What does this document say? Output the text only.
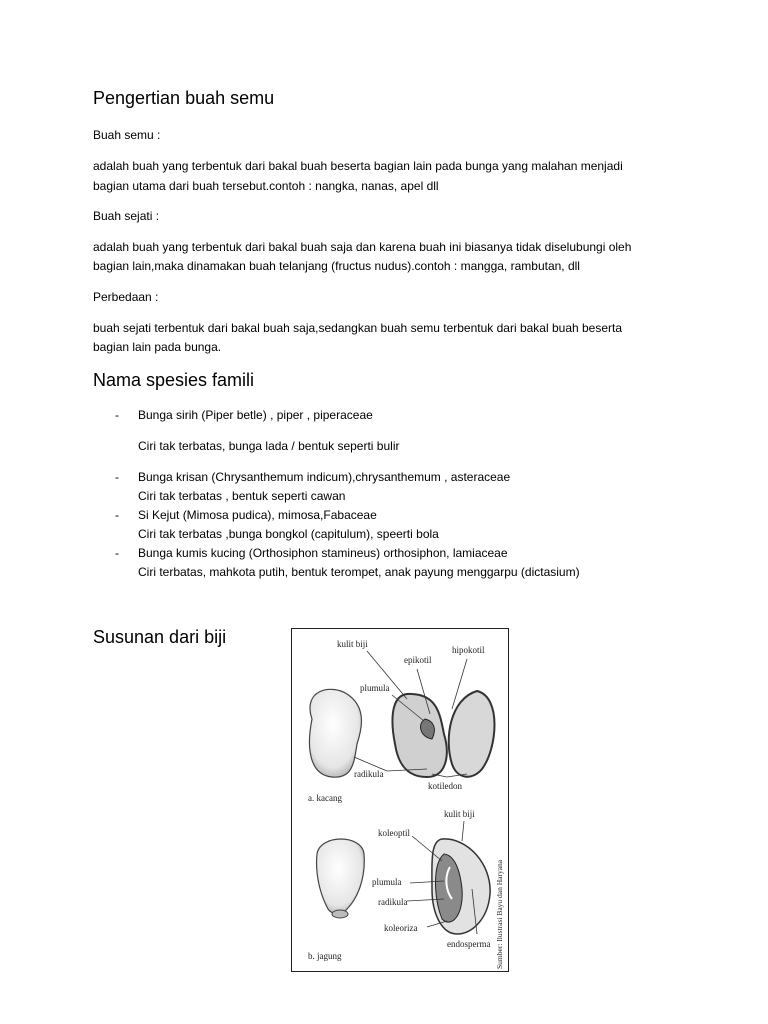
Pengertian buah semu
Buah semu :
adalah buah yang terbentuk dari bakal buah beserta bagian lain pada bunga yang malahan menjadi
bagian utama dari buah tersebut.contoh : nangka, nanas, apel dll
Buah sejati :
adalah buah yang terbentuk dari bakal buah saja dan karena buah ini biasanya tidak diselubungi oleh
bagian lain,maka dinamakan buah telanjang (fructus nudus).contoh : mangga, rambutan, dll
Perbedaan :
buah sejati terbentuk dari bakal buah saja,sedangkan buah semu terbentuk dari bakal buah beserta
bagian lain pada bunga.
Nama spesies famili
- Bunga sirih (Piper betle) , piper , piperaceae
Ciri tak terbatas, bunga lada / bentuk seperti bulir
- Bunga krisan (Chrysanthemum indicum),chrysanthemum , asteraceae
Ciri tak terbatas , bentuk seperti cawan
- Si Kejut (Mimosa pudica), mimosa,Fabaceae
Ciri tak terbatas ,bunga bongkol (capitulum), speerti bola
- Bunga kumis kucing (Orthosiphon stamineus) orthosiphon, lamiaceae
Ciri terbatas, mahkota putih, bentuk terompet, anak payung menggarpu (dictasium)
Susunan dari biji	kulit biji
epikotil
hipokotil
plumula
radikula
kotiledon
a. kacang
kulit biji
koleoptil
plumula
radikula
koleoriza
endosperma
b. jagung	Sumber: Ilustrasi Bayu dan Haryana
